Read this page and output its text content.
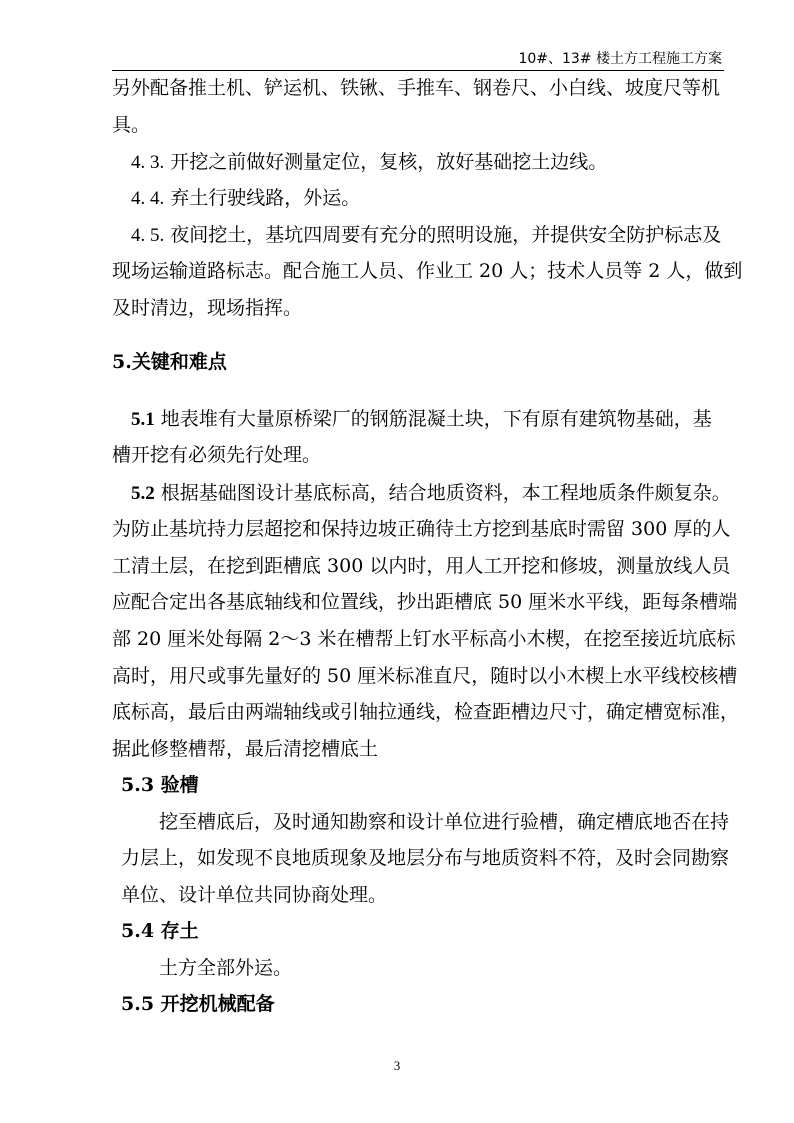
10#、13# 楼土方工程施工方案
另外配备推土机、铲运机、铁锹、手推车、钢卷尺、小白线、坡度尺等机
具。
4. 3. 开挖之前做好测量定位，复核，放好基础挖土边线。
4. 4. 弃土行驶线路，外运。
4. 5. 夜间挖土，基坑四周要有充分的照明设施，并提供安全防护标志及
现场运输道路标志。配合施工人员、作业工 20 人；技术人员等 2 人，做到
及时清边，现场指挥。
5.关键和难点
5.1 地表堆有大量原桥梁厂的钢筋混凝土块，下有原有建筑物基础，基
槽开挖有必须先行处理。
5.2 根据基础图设计基底标高，结合地质资料，本工程地质条件颇复杂。
为防止基坑持力层超挖和保持边坡正确待土方挖到基底时需留 300 厚的人
工清土层，在挖到距槽底 300 以内时，用人工开挖和修坡，测量放线人员
应配合定出各基底轴线和位置线，抄出距槽底 50 厘米水平线，距每条槽端
部 20 厘米处每隔 2～3 米在槽帮上钉水平标高小木楔，在挖至接近坑底标
高时，用尺或事先量好的 50 厘米标准直尺，随时以小木楔上水平线校核槽
底标高，最后由两端轴线或引轴拉通线，检查距槽边尺寸，确定槽宽标准，
据此修整槽帮，最后清挖槽底土
5.3 验槽
挖至槽底后，及时通知勘察和设计单位进行验槽，确定槽底地否在持
力层上，如发现不良地质现象及地层分布与地质资料不符，及时会同勘察
单位、设计单位共同协商处理。
5.4 存土
土方全部外运。
5.5 开挖机械配备
3
